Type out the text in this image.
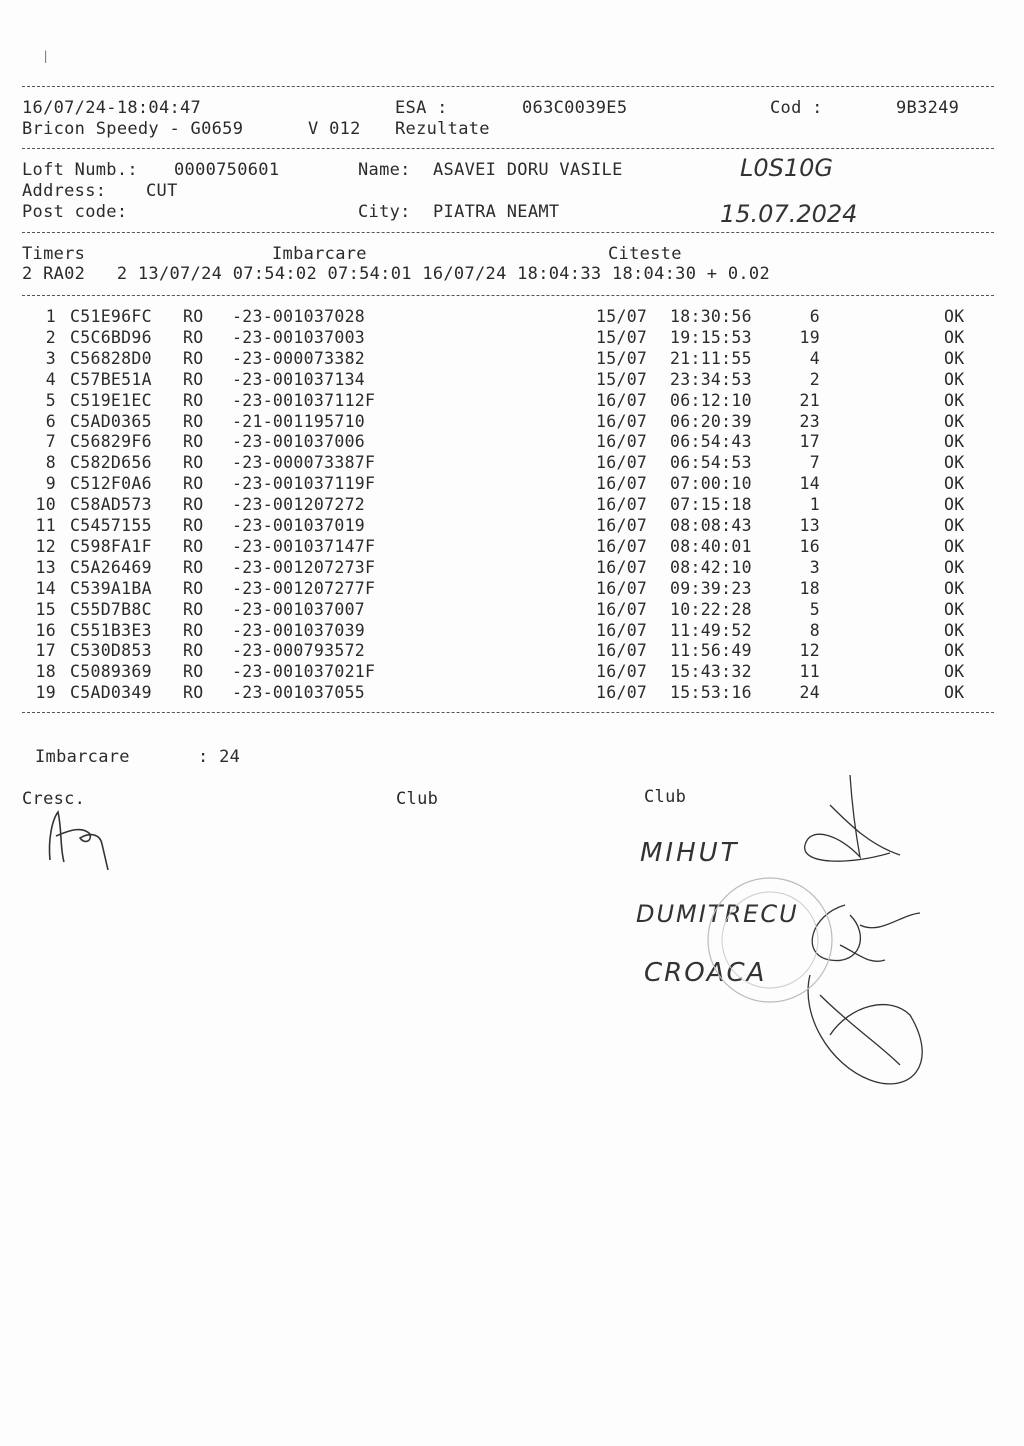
|
16/07/24-18:04:47	ESA :	063C0039E5	Cod :	9B3249
Bricon Speedy - G0659	V 012 Rezultate
Loft Numb.: 0000750601	Name: ASAVEI DORU VASILE	L0S10G
Address: CUT
Post code:	City: PIATRA NEAMT	15.07.2024
Timers	Imbarcare	Citeste
2 RA02   2 13/07/24 07:54:02 07:54:01 16/07/24 18:04:33 18:04:30 + 0.02
1 C51E96FC RO -23-001037028	15/07 18:30:56	6	OK
2 C5C6BD96 RO -23-001037003	15/07 19:15:53	19	OK
3 C56828D0 RO -23-000073382	15/07 21:11:55	4	OK
4 C57BE51A RO -23-001037134	15/07 23:34:53	2	OK
5 C519E1EC RO -23-001037112F	16/07 06:12:10	21	OK
6 C5AD0365 RO -21-001195710	16/07 06:20:39	23	OK
7 C56829F6 RO -23-001037006	16/07 06:54:43	17	OK
8 C582D656 RO -23-000073387F	16/07 06:54:53	7	OK
9 C512F0A6 RO -23-001037119F	16/07 07:00:10	14	OK
10 C58AD573 RO -23-001207272	16/07 07:15:18	1	OK
11 C5457155 RO -23-001037019	16/07 08:08:43	13	OK
12 C598FA1F RO -23-001037147F	16/07 08:40:01	16	OK
13 C5A26469 RO -23-001207273F	16/07 08:42:10	3	OK
14 C539A1BA RO -23-001207277F	16/07 09:39:23	18	OK
15 C55D7B8C RO -23-001037007	16/07 10:22:28	5	OK
16 C551B3E3 RO -23-001037039	16/07 11:49:52	8	OK
17 C530D853 RO -23-000793572	16/07 11:56:49	12	OK
18 C5089369 RO -23-001037021F	16/07 15:43:32	11	OK
19 C5AD0349 RO -23-001037055	16/07 15:53:16	24	OK
Imbarcare	: 24
Cresc.	Club	Club
MIHUT
DUMITRECU
CROACA
